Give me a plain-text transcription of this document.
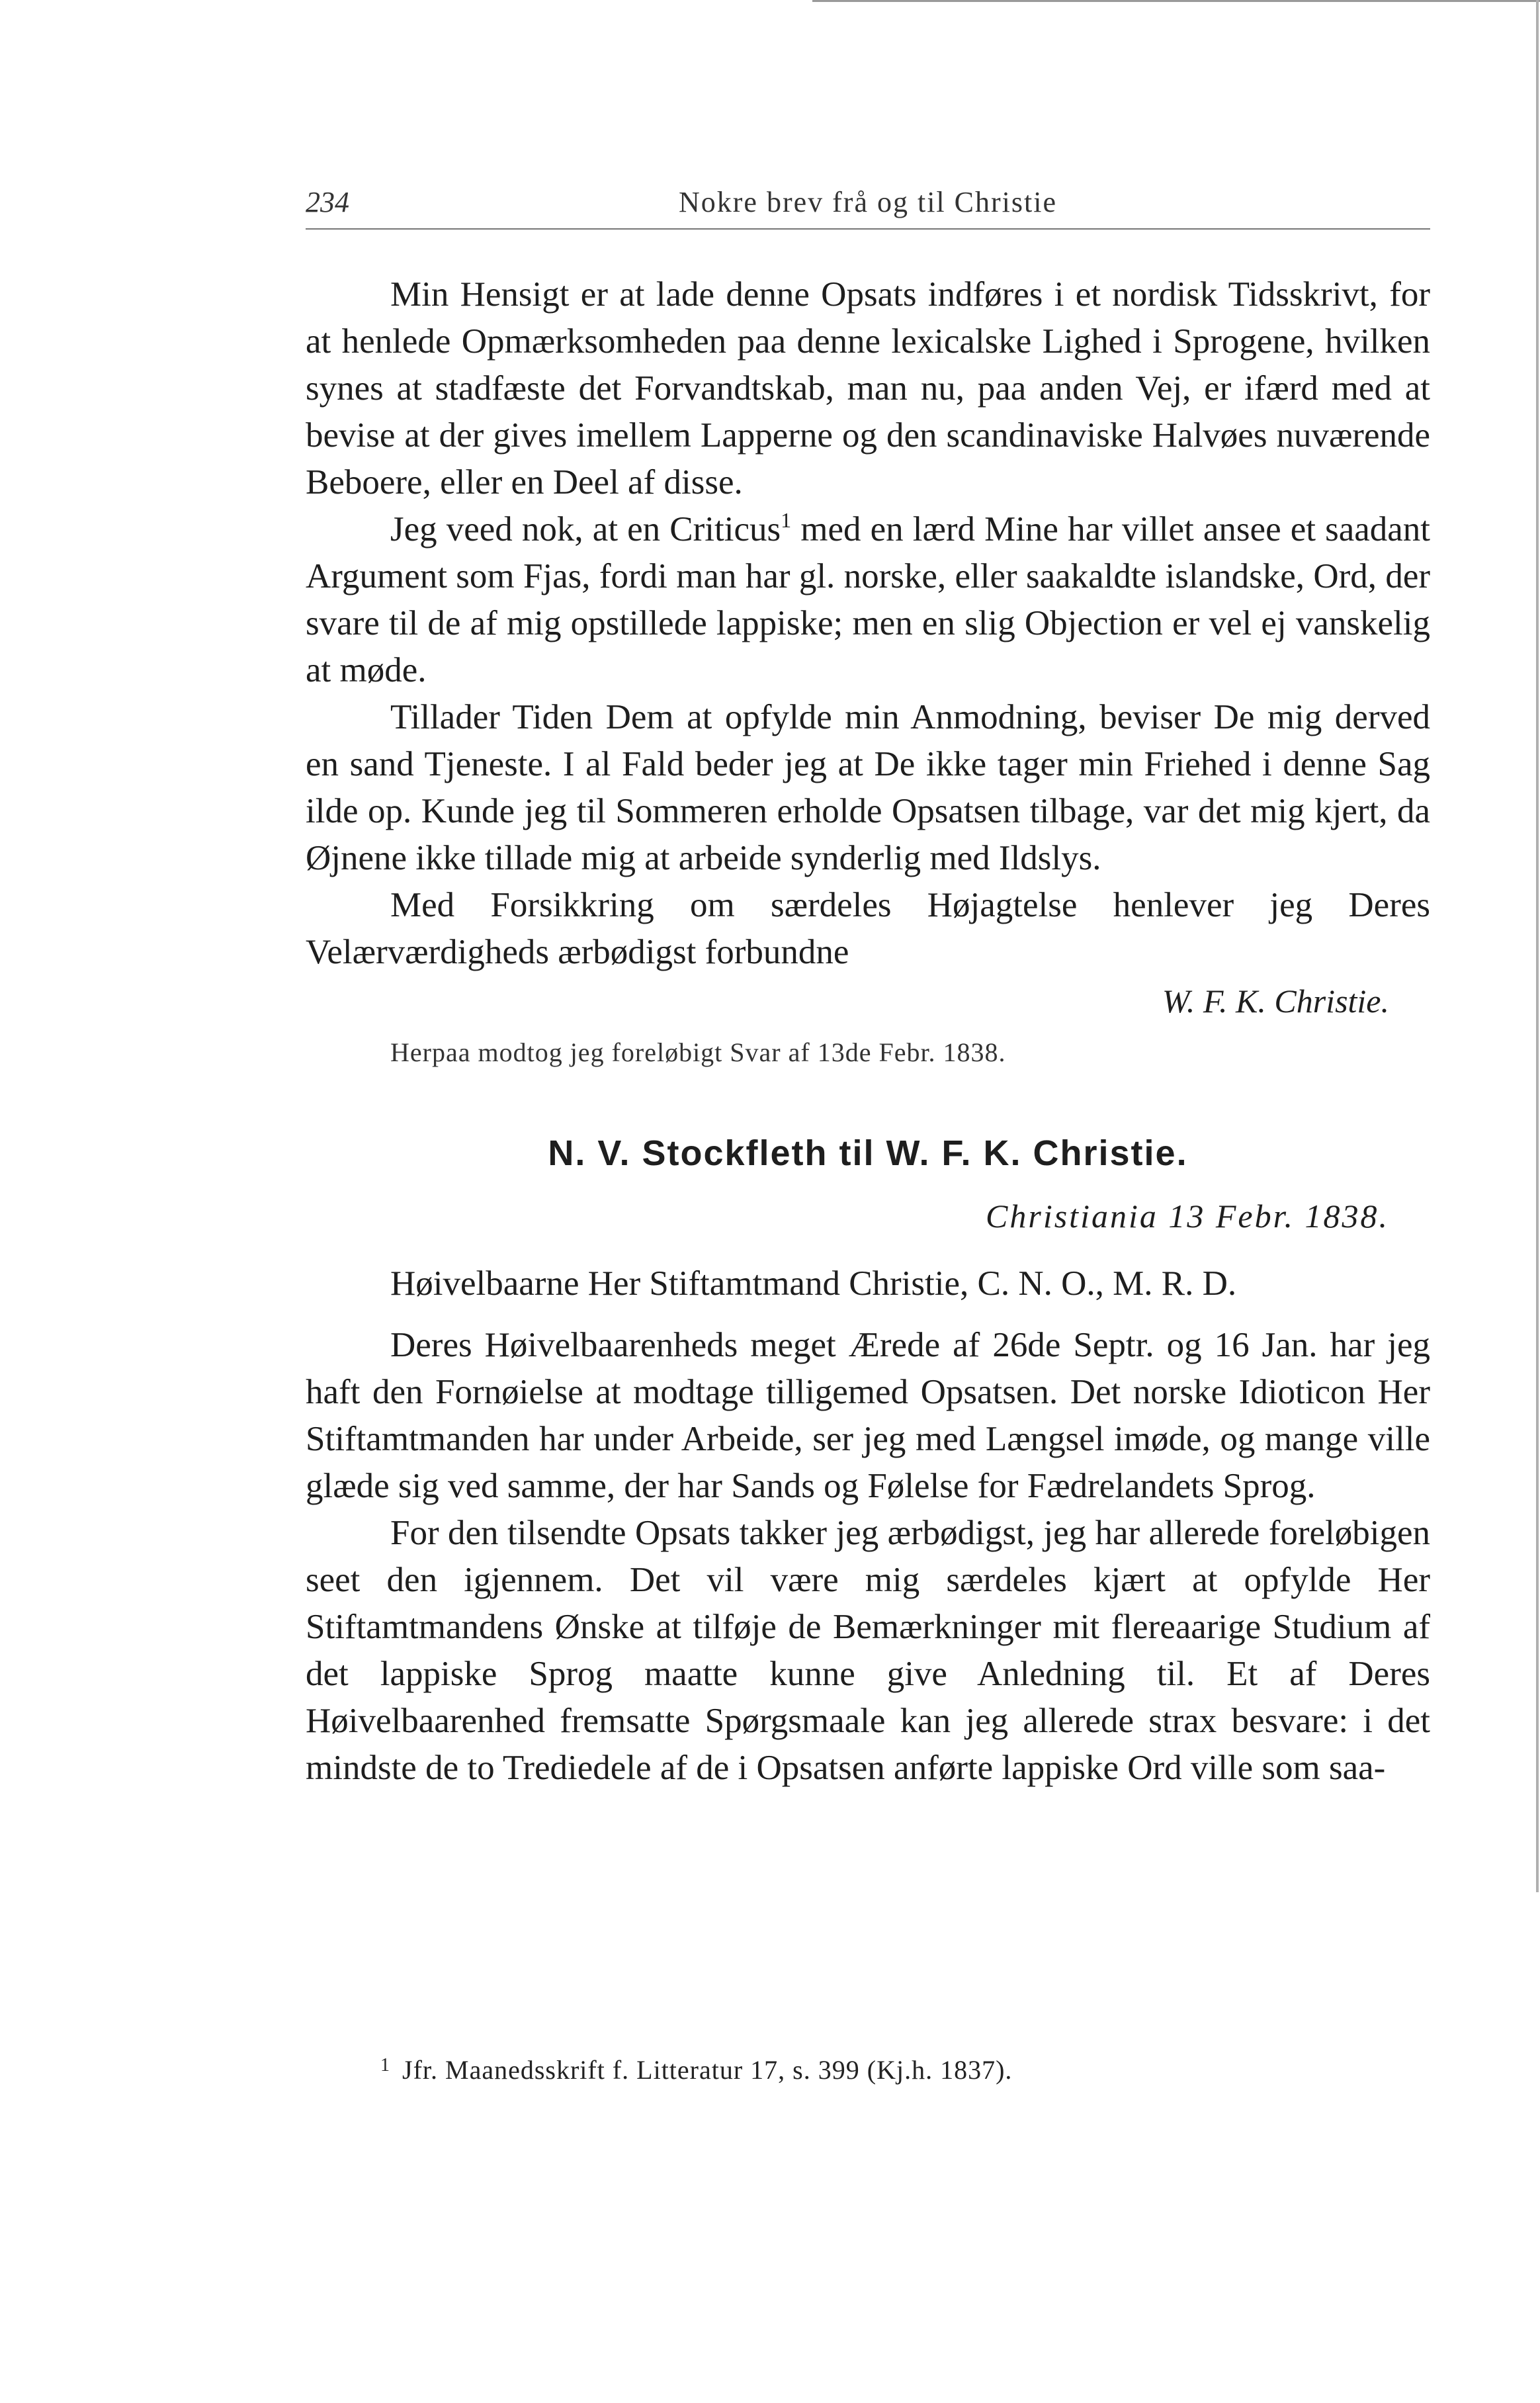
234	Nokre brev frå og til Christie

Min Hensigt er at lade denne Opsats indføres i et nordisk Tidsskrivt, for at henlede Opmærksomheden paa denne lexicalske Lighed i Sprogene, hvilken synes at stadfæste det Forvandtskab, man nu, paa anden Vej, er ifærd med at bevise at der gives imellem Lapperne og den scandinaviske Halvøes nuværende Beboere, eller en Deel af disse.

Jeg veed nok, at en Criticus$^1$ med en lærd Mine har villet ansee et saadant Argument som Fjas, fordi man har gl. norske, eller saakaldte islandske, Ord, der svare til de af mig opstillede lappiske; men en slig Objection er vel ej vanskelig at møde.

Tillader Tiden Dem at opfylde min Anmodning, beviser De mig derved en sand Tjeneste. I al Fald beder jeg at De ikke tager min Friehed i denne Sag ilde op. Kunde jeg til Sommeren erholde Opsatsen tilbage, var det mig kjert, da Øjnene ikke tillade mig at arbeide synderlig med Ildslys.

Med Forsikkring om særdeles Højagtelse henlever jeg Deres Velærværdigheds ærbødigst forbundne

W. F. K. Christie.

Herpaa modtog jeg foreløbigt Svar af 13de Febr. 1838.

N. V. Stockfleth til W. F. K. Christie.

Christiania 13 Febr. 1838.

Høivelbaarne Her Stiftamtmand Christie, C. N. O., M. R. D.

Deres Høivelbaarenheds meget Ærede af 26de Septr. og 16 Jan. har jeg haft den Fornøielse at modtage tilligemed Opsatsen. Det norske Idioticon Her Stiftamtmanden har under Arbeide, ser jeg med Længsel imøde, og mange ville glæde sig ved samme, der har Sands og Følelse for Fædrelandets Sprog.

For den tilsendte Opsats takker jeg ærbødigst, jeg har allerede foreløbigen seet den igjennem. Det vil være mig særdeles kjært at opfylde Her Stiftamtmandens Ønske at tilføje de Bemærkninger mit flereaarige Studium af det lappiske Sprog maatte kunne give Anledning til. Et af Deres Høivelbaarenhed fremsatte Spørgsmaale kan jeg allerede strax besvare: i det mindste de to Trediedele af de i Opsatsen anførte lappiske Ord ville som saa-

$^1$ Jfr. Maanedsskrift f. Litteratur 17, s. 399 (Kj.h. 1837).
